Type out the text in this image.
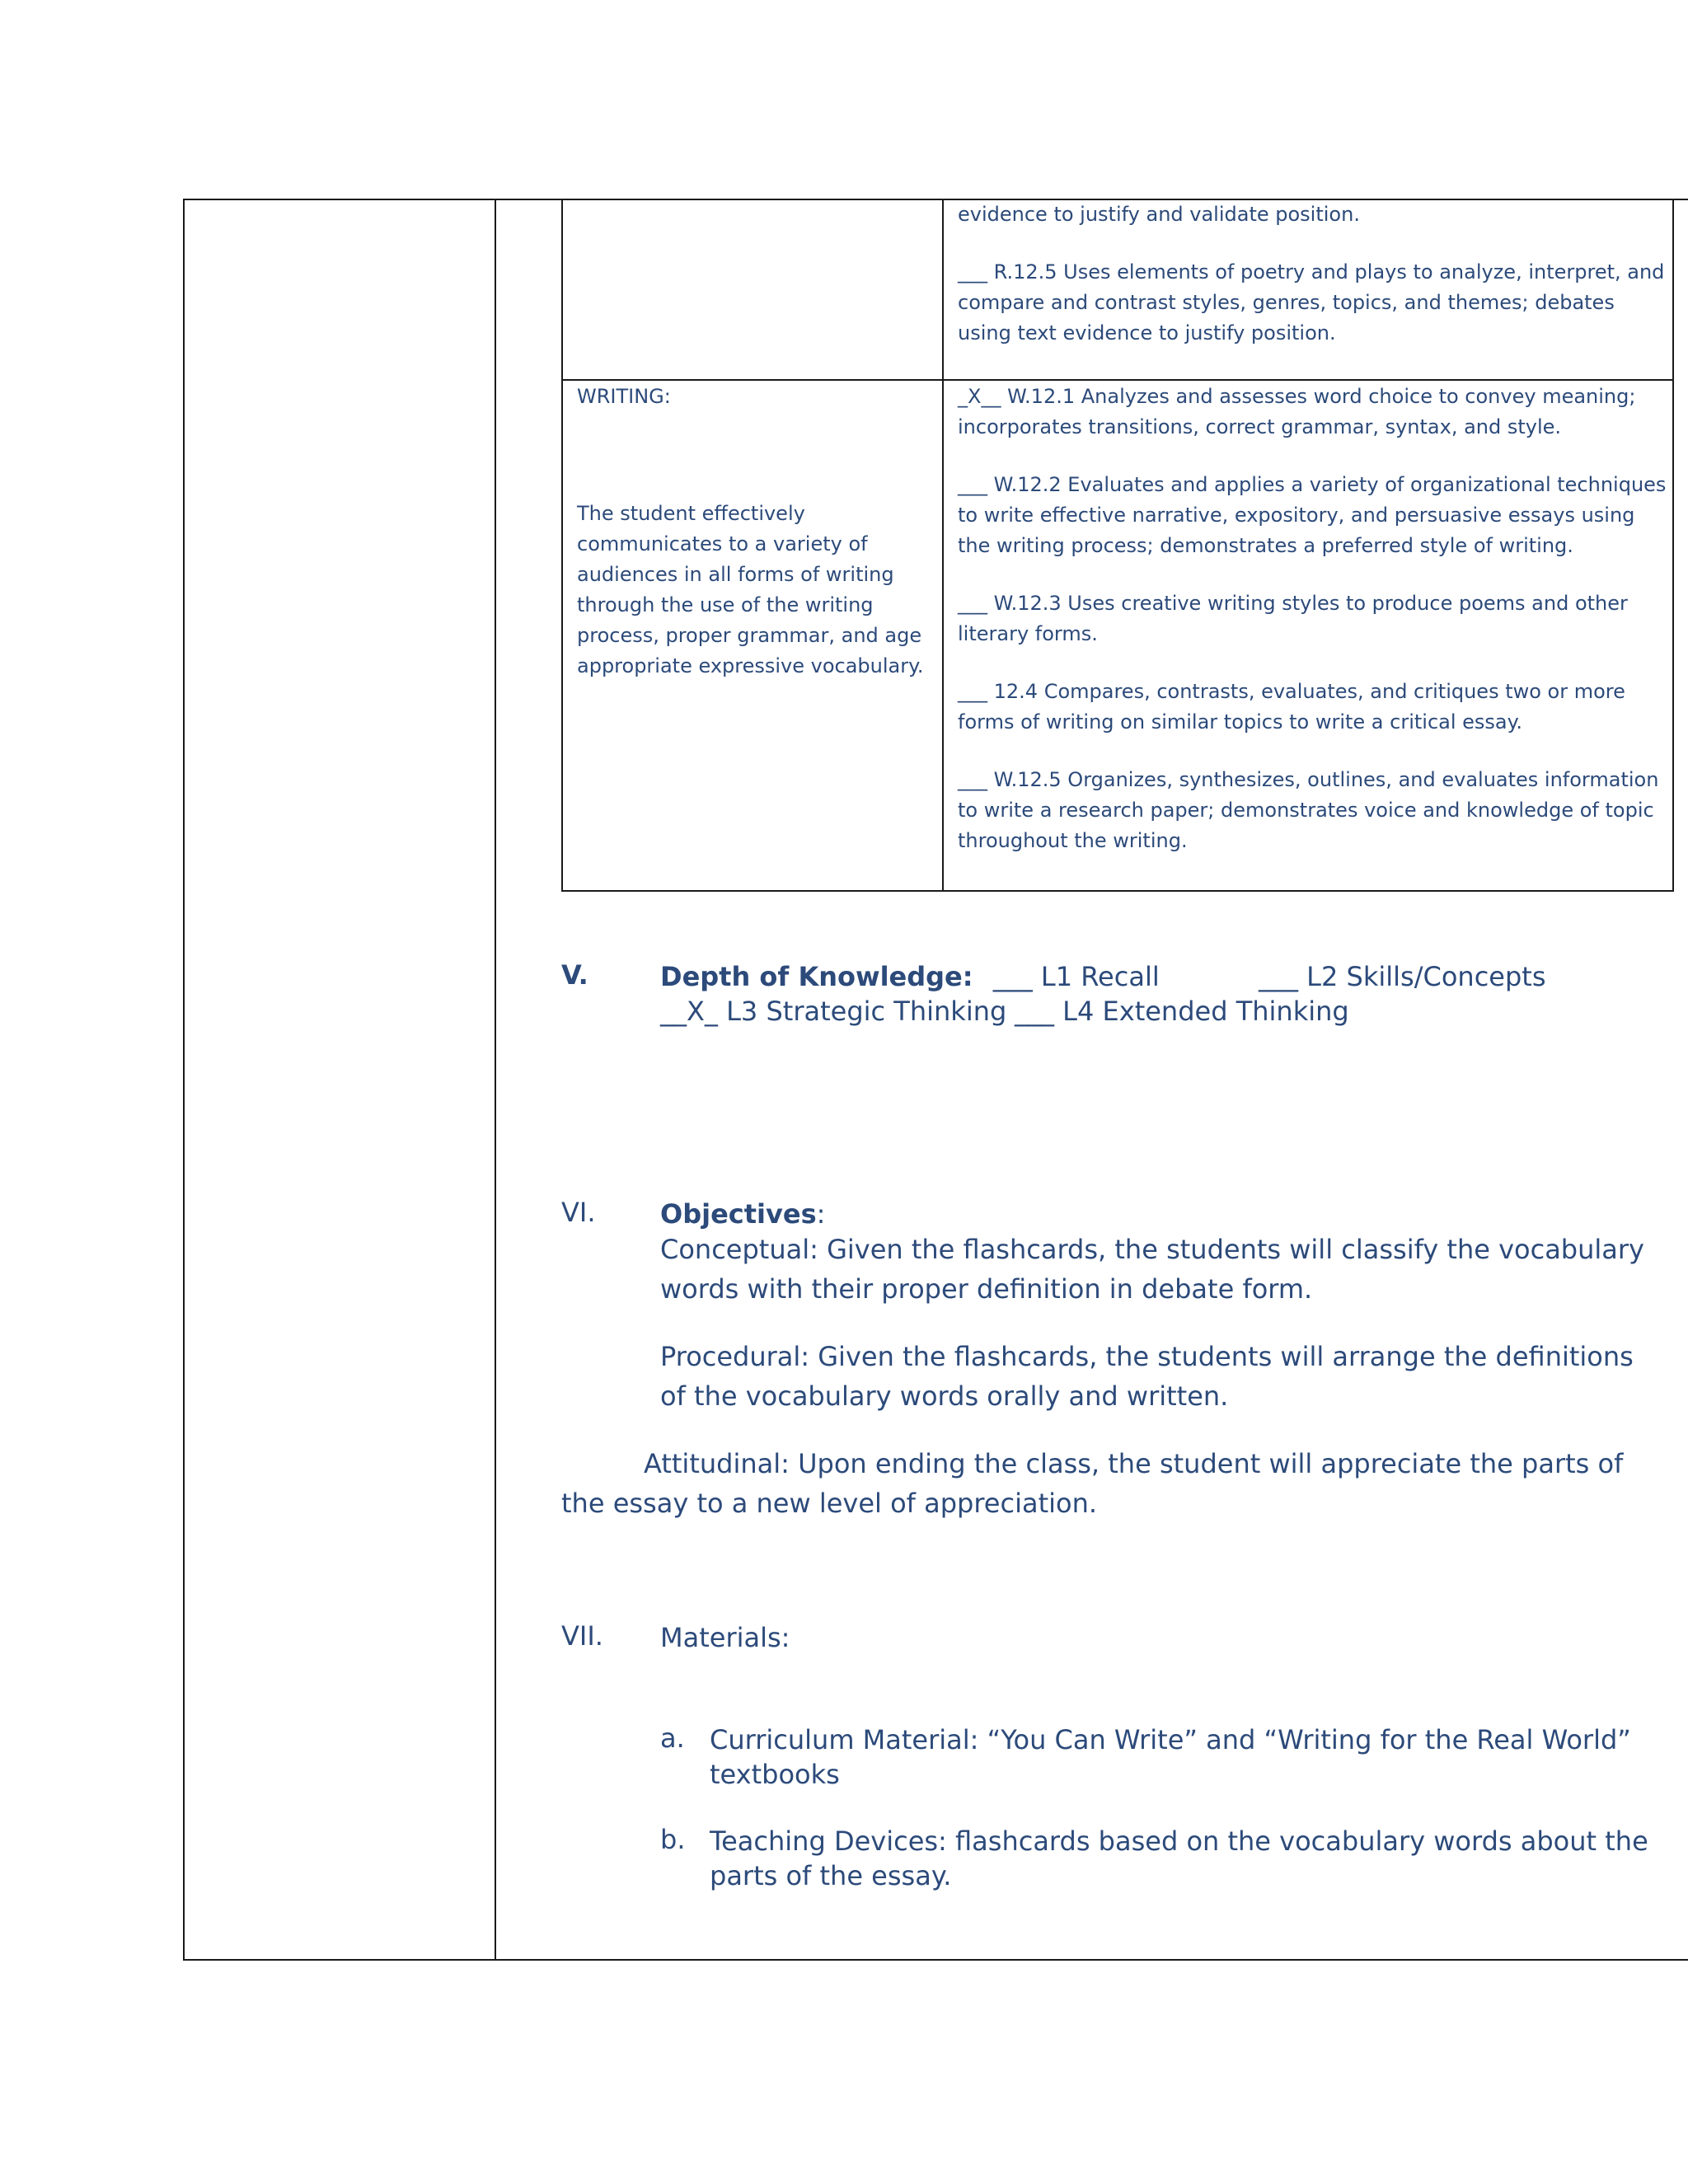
evidence to justify and validate position.

___ R.12.5 Uses elements of poetry and plays to analyze, interpret, and compare and contrast styles, genres, topics, and themes; debates using text evidence to justify position.

WRITING:

The student effectively communicates to a variety of audiences in all forms of writing through the use of the writing process, proper grammar, and age appropriate expressive vocabulary.

_X__ W.12.1 Analyzes and assesses word choice to convey meaning; incorporates transitions, correct grammar, syntax, and style.

___ W.12.2 Evaluates and applies a variety of organizational techniques to write effective narrative, expository, and persuasive essays using the writing process; demonstrates a preferred style of writing.

___ W.12.3 Uses creative writing styles to produce poems and other literary forms.

___ 12.4 Compares, contrasts, evaluates, and critiques two or more forms of writing on similar topics to write a critical essay.

___ W.12.5 Organizes, synthesizes, outlines, and evaluates information to write a research paper; demonstrates voice and knowledge of topic throughout the writing.

V.	Depth of Knowledge: ___ L1 Recall	___ L2 Skills/Concepts
__X_ L3 Strategic Thinking ___ L4 Extended Thinking
VI. Objectives:
Conceptual: Given the flashcards, the students will classify the vocabulary words with their proper definition in debate form.
Procedural: Given the flashcards, the students will arrange the definitions of the vocabulary words orally and written.
Attitudinal: Upon ending the class, the student will appreciate the parts of the essay to a new level of appreciation.
VII. Materials:
a. Curriculum Material: “You Can Write” and “Writing for the Real World” textbooks
b. Teaching Devices: flashcards based on the vocabulary words about the parts of the essay.
